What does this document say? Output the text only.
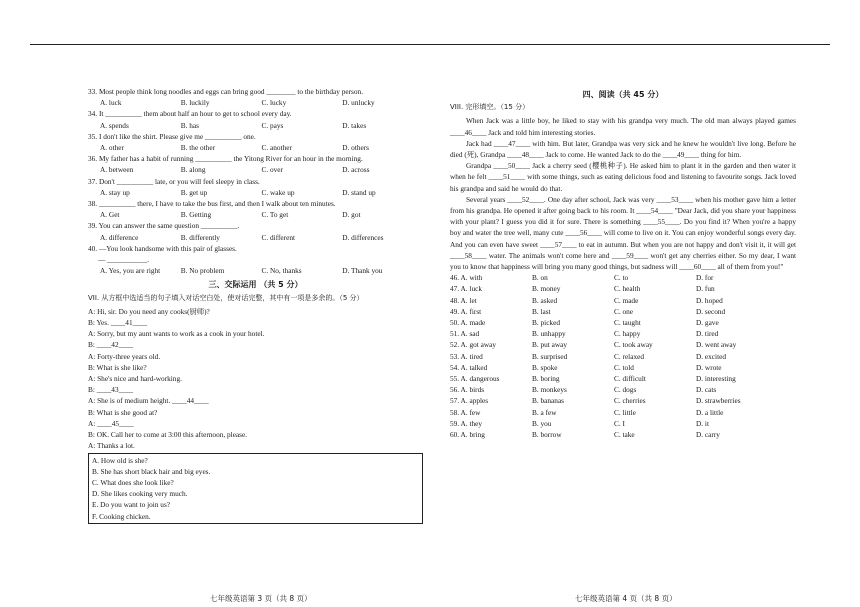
33. Most people think long noodles and eggs can bring good ________ to the birthday person.
A. luck	B. luckily	C. lucky	D. unlucky
34. It __________ them about half an hour to get to school every day.
A. spends	B. has	C. pays	D. takes
35. I don't like the shirt. Please give me __________ one.
A. other	B. the other	C. another	D. others
36. My father has a habit of running __________ the Yitong River for an hour in the morning.
A. between	B. along	C. over	D. across
37. Don't __________ late, or you will feel sleepy in class.
A. stay up	B. get up	C. wake up	D. stand up
38. __________ there, I have to take the bus first, and then I walk about ten minutes.
A. Get	B. Getting	C. To get	D. got
39. You can answer the same question __________.
A. difference	B. differently	C. different	D. differences
40. —You look handsome with this pair of glasses.
— ___________.
A. Yes, you are right	B. No problem	C. No, thanks	D. Thank you
三、交际运用 （共 5 分）
VII. 从方框中选适当的句子填入对话空白处，使对话完整，其中有一项是多余的。（5 分）
A: Hi, sir. Do you need any cooks(厨师)?
B: Yes. ____41____
A: Sorry, but my aunt wants to work as a cook in your hotel.
B: ____42____
A: Forty-three years old.
B: What is she like?
A: She's nice and hard-working.
B: ____43____
A: She is of medium height. ____44____
B: What is she good at?
A: ____45____
B: OK. Call her to come at 3:00 this afternoon, please.
A: Thanks a lot.
A. How old is she?
B. She has short black hair and big eyes.
C. What does she look like?
D. She likes cooking very much.
E. Do you want to join us?
F. Cooking chicken.
四、阅读（共 45 分）
VIII. 完形填空。（15 分）
When Jack was a little boy, he liked to stay with his grandpa very much. The old man always played games ____46____ Jack and told him interesting stories.
Jack had ____47____ with him. But later, Grandpa was very sick and he knew he wouldn't live long. Before he died (死), Grandpa ____48____ Jack to come. He wanted Jack to do the ____49____ thing for him.
Grandpa ____50____ Jack a cherry seed (樱桃种子). He asked him to plant it in the garden and then water it when he felt ____51____ with some things, such as eating delicious food and listening to favourite songs. Jack loved his grandpa and said he would do that.
Several years ____52____. One day after school, Jack was very ____53____ when his mother gave him a letter from his grandpa. He opened it after going back to his room. It ____54____ "Dear Jack, did you share your happiness with your plant? I guess you did it for sure. There is something ____55____. Do you find it? When you're a happy boy and water the tree well, many cute ____56____ will come to live on it. You can enjoy wonderful songs every day. And you can even have sweet ____57____ to eat in autumn. But when you are not happy and don't visit it, it will get ____58____ water. The animals won't come here and ____59____ won't get any cherries either. So my dear, I want you to know that happiness will bring you many good things, but sadness will ____60____ all of them from you!"
46. A. with	B. on	C. to	D. for
47. A. luck	B. money	C. health	D. fun
48. A. let	B. asked	C. made	D. hoped
49. A. first	B. last	C. one	D. second
50. A. made	B. picked	C. taught	D. gave
51. A. sad	B. unhappy	C. happy	D. tired
52. A. got away	B. put away	C. took away	D. went away
53. A. tired	B. surprised	C. relaxed	D. excited
54. A. talked	B. spoke	C. told	D. wrote
55. A. dangerous	B. boring	C. difficult	D. interesting
56. A. birds	B. monkeys	C. dogs	D. cats
57. A. apples	B. bananas	C. cherries	D. strawberries
58. A. few	B. a few	C. little	D. a little
59. A. they	B. you	C. I	D. it
60. A. bring	B. borrow	C. take	D. carry
七年级英语第 3 页（共 8 页）	七年级英语第 4 页（共 8 页）
